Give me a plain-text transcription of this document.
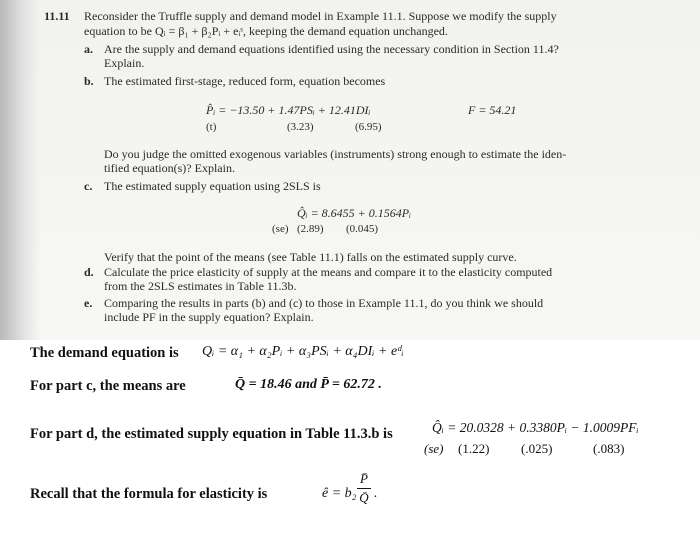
11.11 Reconsider the Truffle supply and demand model in Example 11.1. Suppose we modify the supply
equation to be Qᵢ = β₁ + β₂Pᵢ + eᵢˢ, keeping the demand equation unchanged.
a. Are the supply and demand equations identified using the necessary condition in Section 11.4?
Explain.
b. The estimated first-stage, reduced form, equation becomes
P̂ᵢ = −13.50 + 1.47PSᵢ + 12.41DIᵢ	F = 54.21
(t)	(3.23)	(6.95)
Do you judge the omitted exogenous variables (instruments) strong enough to estimate the iden-
tified equation(s)? Explain.
c. The estimated supply equation using 2SLS is
Q̂ᵢ = 8.6455 + 0.1564Pᵢ
(se) (2.89) (0.045)
Verify that the point of the means (see Table 11.1) falls on the estimated supply curve.
d. Calculate the price elasticity of supply at the means and compare it to the elasticity computed
from the 2SLS estimates in Table 11.3b.
e. Comparing the results in parts (b) and (c) to those in Example 11.1, do you think we should
include PF in the supply equation? Explain.
The demand equation is Qᵢ = α₁ + α₂Pᵢ + α₃PSᵢ + α₄DIᵢ + eᵈᵢ
For part c, the means are	Q̄ = 18.46 and P̄ = 62.72 .
For part d, the estimated supply equation in Table 11.3.b is	Q̂ᵢ = 20.0328 + 0.3380Pᵢ − 1.0009PFᵢ
(se) (1.22) (.025)	(.083)
Recall that the formula for elasticity is	ê = b₂
P̄
Q̄ .
